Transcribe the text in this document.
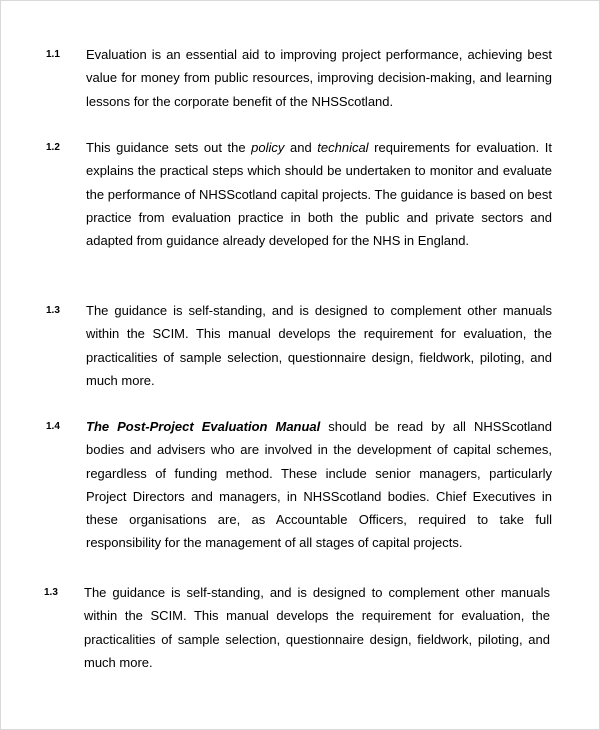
1.1 Evaluation is an essential aid to improving project performance, achieving best value for money from public resources, improving decision-making, and learning lessons for the corporate benefit of the NHSScotland.

1.2 This guidance sets out the policy and technical requirements for evaluation. It explains the practical steps which should be undertaken to monitor and evaluate the performance of NHSScotland capital projects. The guidance is based on best practice from evaluation practice in both the public and private sectors and adapted from guidance already developed for the NHS in England.

1.3 The guidance is self-standing, and is designed to complement other manuals within the SCIM. This manual develops the requirement for evaluation, the practicalities of sample selection, questionnaire design, fieldwork, piloting, and much more.

1.4 The Post-Project Evaluation Manual should be read by all NHSScotland bodies and advisers who are involved in the development of capital schemes, regardless of funding method. These include senior managers, particularly Project Directors and managers, in NHSScotland bodies. Chief Executives in these organisations are, as Accountable Officers, required to take full responsibility for the management of all stages of capital projects.

1.3 The guidance is self-standing, and is designed to complement other manuals within the SCIM. This manual develops the requirement for evaluation, the practicalities of sample selection, questionnaire design, fieldwork, piloting, and much more.
